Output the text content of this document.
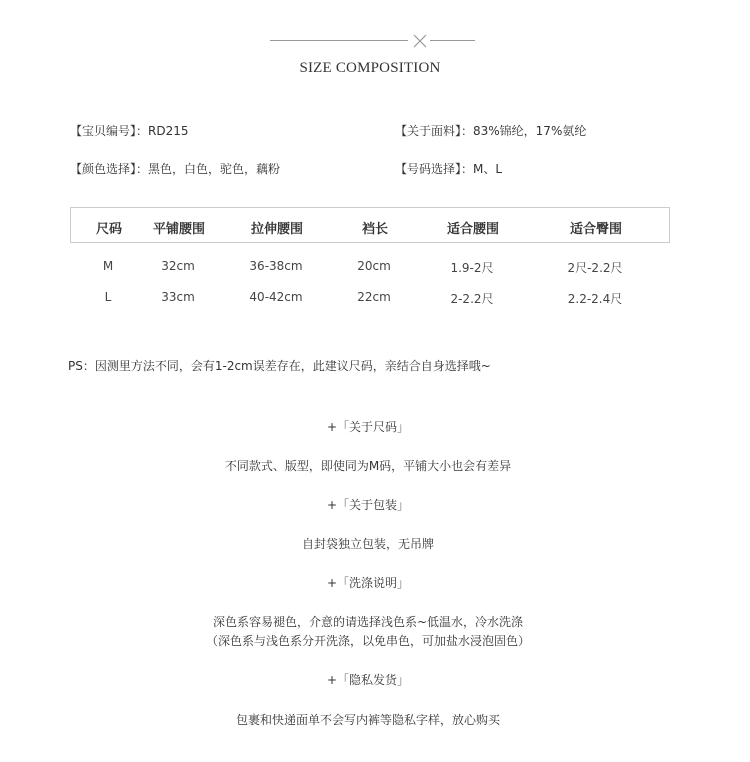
SIZE COMPOSITION
【宝贝编号】：RD215	【关于面料】：83%锦纶，17%氨纶
【颜色选择】：黑色，白色，驼色，藕粉	【号码选择】：M、L
尺码	平铺腰围	拉伸腰围	裆长	适合腰围	适合臀围
M	32cm	36-38cm	20cm	1.9-2尺	2尺-2.2尺
L	33cm	40-42cm	22cm	2-2.2尺	2.2-2.4尺
PS：因测里方法不同，会有1-2cm误差存在，此建议尺码，亲结合自身选择哦~
+「关于尺码」
不同款式、版型，即使同为M码，平铺大小也会有差异
+「关于包装」
自封袋独立包装，无吊牌
+「洗涤说明」
深色系容易褪色，介意的请选择浅色系~低温水，冷水洗涤
（深色系与浅色系分开洗涤，以免串色，可加盐水浸泡固色）
+「隐私发货」
包裹和快递面单不会写内裤等隐私字样，放心购买
